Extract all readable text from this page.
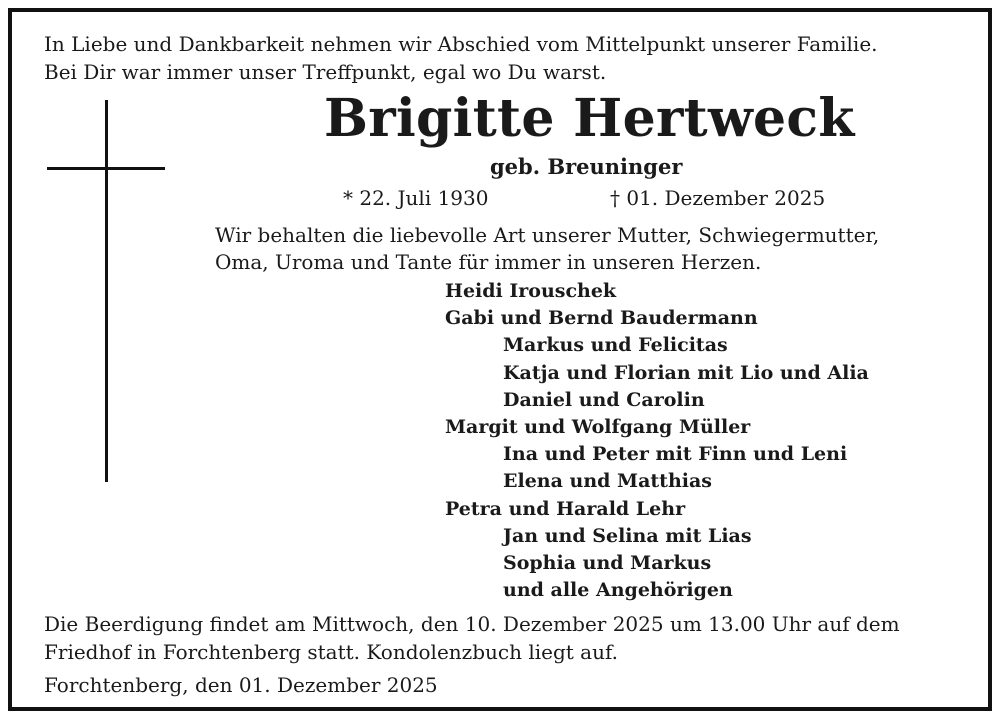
In Liebe und Dankbarkeit nehmen wir Abschied vom Mittelpunkt unserer Familie.
Bei Dir war immer unser Treffpunkt, egal wo Du warst.
Brigitte Hertweck
geb. Breuninger
* 22. Juli 1930	† 01. Dezember 2025
Wir behalten die liebevolle Art unserer Mutter, Schwiegermutter,
Oma, Uroma und Tante für immer in unseren Herzen.
Heidi Irouschek
Gabi und Bernd Baudermann
Markus und Felicitas
Katja und Florian mit Lio und Alia
Daniel und Carolin
Margit und Wolfgang Müller
Ina und Peter mit Finn und Leni
Elena und Matthias
Petra und Harald Lehr
Jan und Selina mit Lias
Sophia und Markus
und alle Angehörigen
Die Beerdigung findet am Mittwoch, den 10. Dezember 2025 um 13.00 Uhr auf dem
Friedhof in Forchtenberg statt. Kondolenzbuch liegt auf.
Forchtenberg, den 01. Dezember 2025
